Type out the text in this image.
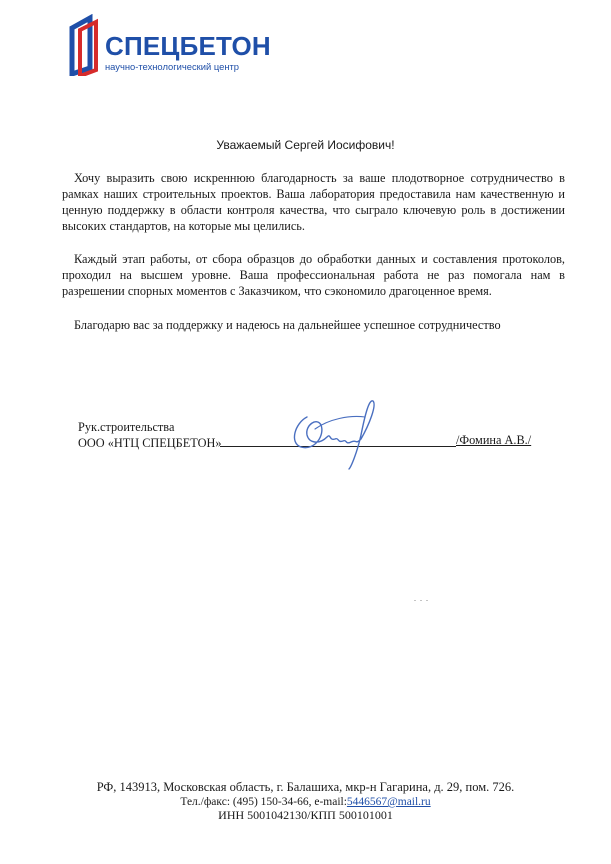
СПЕЦБЕТОН
научно-технологический центр
Уважаемый Сергей Иосифович!

Хочу выразить свою искреннюю благодарность за ваше плодотворное сотрудничество в рамках наших строительных проектов. Ваша лаборатория предоставила нам качественную и ценную поддержку в области контроля качества, что сыграло ключевую роль в достижении высоких стандартов, на которые мы целились.

Каждый этап работы, от сбора образцов до обработки данных и составления протоколов, проходил на высшем уровне. Ваша профессиональная работа не раз помогала нам в разрешении спорных моментов с Заказчиком, что сэкономило драгоценное время.

Благодарю вас за поддержку и надеюсь на дальнейшее успешное сотрудничество

Рук.строительства
ООО «НТЦ СПЕЦБЕТОН»	/Фомина А.В./
. . .
РФ, 143913, Московская область, г. Балашиха, мкр-н Гагарина, д. 29, пом. 726.
Тел./факс: (495) 150-34-66, e-mail:5446567@mail.ru
ИНН 5001042130/КПП 500101001
